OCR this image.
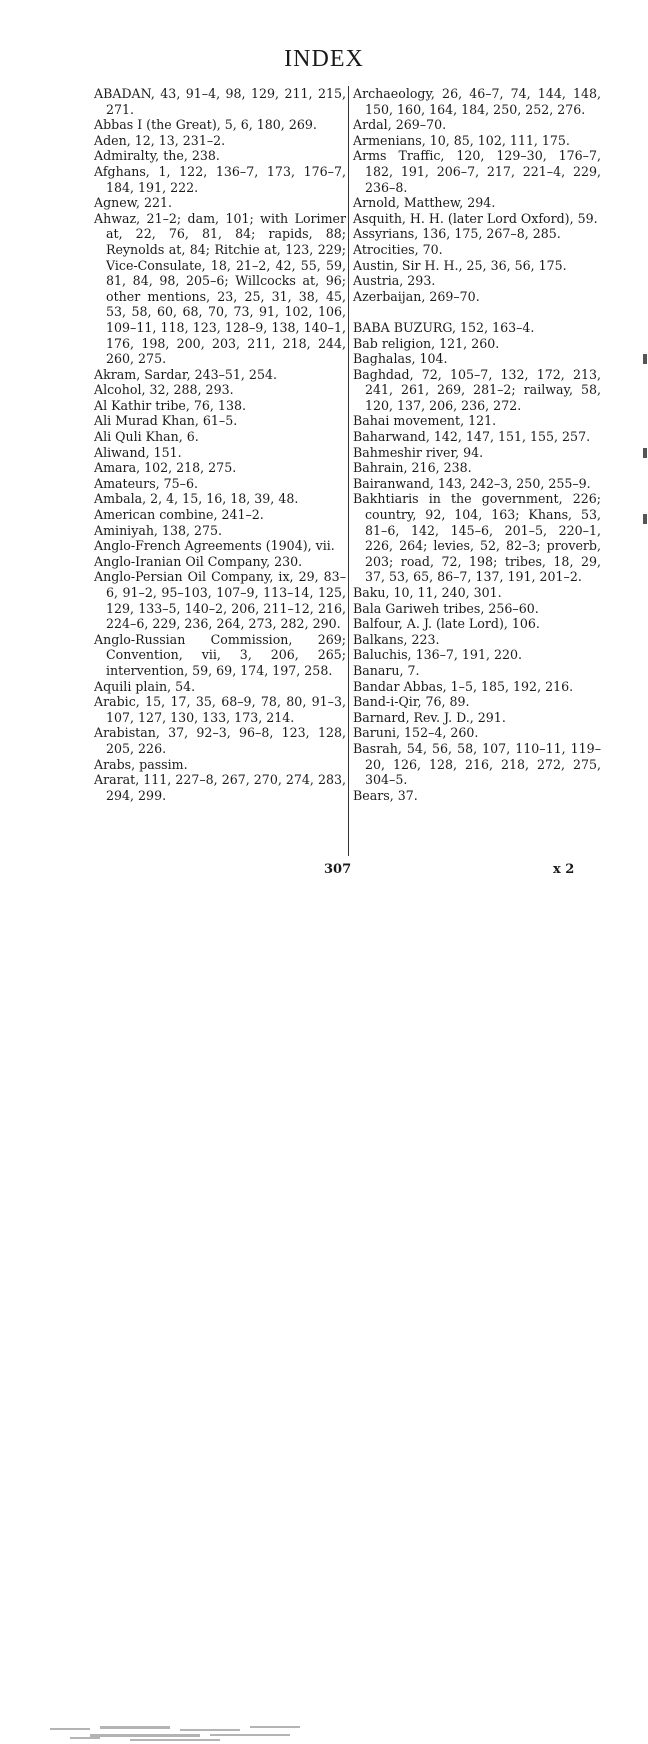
INDEX

ABADAN, 43, 91–4, 98, 129, 211, 215, 271.

Abbas I (the Great), 5, 6, 180, 269.

Aden, 12, 13, 231–2.

Admiralty, the, 238.

Afghans, 1, 122, 136–7, 173, 176–7, 184, 191, 222.

Agnew, 221.

Ahwaz, 21–2; dam, 101; with Lorimer at, 22, 76, 81, 84; rapids, 88; Reynolds at, 84; Ritchie at, 123, 229; Vice-Consulate, 18, 21–2, 42, 55, 59, 81, 84, 98, 205–6; Willcocks at, 96; other mentions, 23, 25, 31, 38, 45, 53, 58, 60, 68, 70, 73, 91, 102, 106, 109–11, 118, 123, 128–9, 138, 140–1, 176, 198, 200, 203, 211, 218, 244, 260, 275.

Akram, Sardar, 243–51, 254.

Alcohol, 32, 288, 293.

Al Kathir tribe, 76, 138.

Ali Murad Khan, 61–5.

Ali Quli Khan, 6.

Aliwand, 151.

Amara, 102, 218, 275.

Amateurs, 75–6.

Ambala, 2, 4, 15, 16, 18, 39, 48.

American combine, 241–2.

Aminiyah, 138, 275.

Anglo-French Agreements (1904), vii.

Anglo-Iranian Oil Company, 230.

Anglo-Persian Oil Company, ix, 29, 83–6, 91–2, 95–103, 107–9, 113–14, 125, 129, 133–5, 140–2, 206, 211–12, 216, 224–6, 229, 236, 264, 273, 282, 290.

Anglo-Russian Commission, 269; Convention, vii, 3, 206, 265; intervention, 59, 69, 174, 197, 258.

Aquili plain, 54.

Arabic, 15, 17, 35, 68–9, 78, 80, 91–3, 107, 127, 130, 133, 173, 214.

Arabistan, 37, 92–3, 96–8, 123, 128, 205, 226.

Arabs, passim.

Ararat, 111, 227–8, 267, 270, 274, 283, 294, 299.

Archaeology, 26, 46–7, 74, 144, 148, 150, 160, 164, 184, 250, 252, 276.

Ardal, 269–70.

Armenians, 10, 85, 102, 111, 175.

Arms Traffic, 120, 129–30, 176–7, 182, 191, 206–7, 217, 221–4, 229, 236–8.

Arnold, Matthew, 294.

Asquith, H. H. (later Lord Oxford), 59.

Assyrians, 136, 175, 267–8, 285.

Atrocities, 70.

Austin, Sir H. H., 25, 36, 56, 175.

Austria, 293.

Azerbaijan, 269–70.

BABA BUZURG, 152, 163–4.

Bab religion, 121, 260.

Baghalas, 104.

Baghdad, 72, 105–7, 132, 172, 213, 241, 261, 269, 281–2; railway, 58, 120, 137, 206, 236, 272.

Bahai movement, 121.

Baharwand, 142, 147, 151, 155, 257.

Bahmeshir river, 94.

Bahrain, 216, 238.

Bairanwand, 143, 242–3, 250, 255–9.

Bakhtiaris in the government, 226; country, 92, 104, 163; Khans, 53, 81–6, 142, 145–6, 201–5, 220–1, 226, 264; levies, 52, 82–3; proverb, 203; road, 72, 198; tribes, 18, 29, 37, 53, 65, 86–7, 137, 191, 201–2.

Baku, 10, 11, 240, 301.

Bala Gariweh tribes, 256–60.

Balfour, A. J. (late Lord), 106.

Balkans, 223.

Baluchis, 136–7, 191, 220.

Banaru, 7.

Bandar Abbas, 1–5, 185, 192, 216.

Band-i-Qir, 76, 89.

Barnard, Rev. J. D., 291.

Baruni, 152–4, 260.

Basrah, 54, 56, 58, 107, 110–11, 119–20, 126, 128, 216, 218, 272, 275, 304–5.

Bears, 37.

307	x 2
